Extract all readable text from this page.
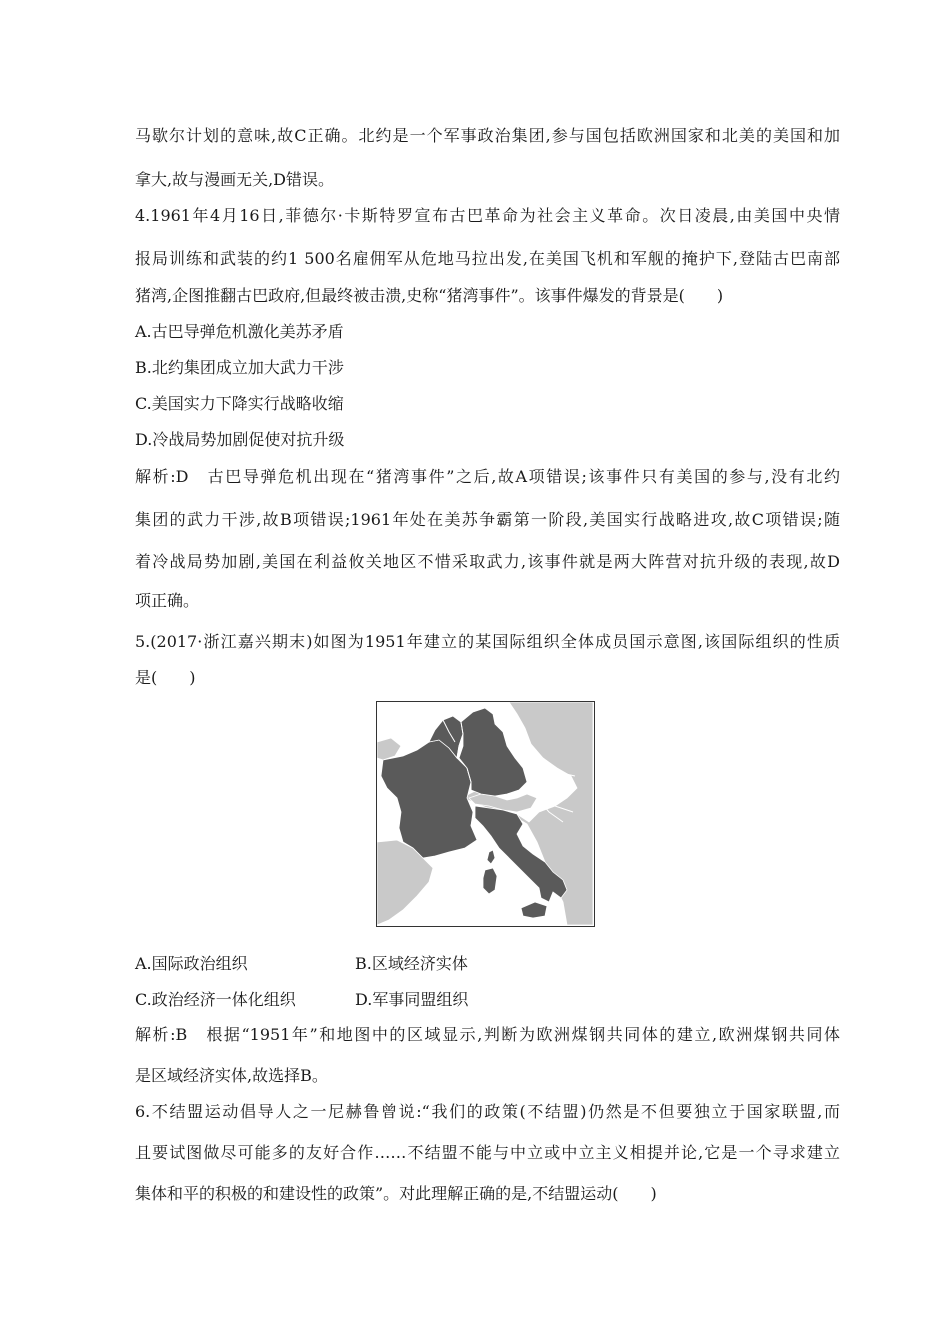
马歇尔计划的意味,故C正确。北约是一个军事政治集团,参与国包括欧洲国家和北美的美国和加
拿大,故与漫画无关,D错误。
4.1961年4月16日,菲德尔·卡斯特罗宣布古巴革命为社会主义革命。次日凌晨,由美国中央情
报局训练和武装的约1 500名雇佣军从危地马拉出发,在美国飞机和军舰的掩护下,登陆古巴南部
猪湾,企图推翻古巴政府,但最终被击溃,史称“猪湾事件”。该事件爆发的背景是(　　)
A.古巴导弹危机激化美苏矛盾
B.北约集团成立加大武力干涉
C.美国实力下降实行战略收缩
D.冷战局势加剧促使对抗升级
解析:D　古巴导弹危机出现在“猪湾事件”之后,故A项错误;该事件只有美国的参与,没有北约
集团的武力干涉,故B项错误;1961年处在美苏争霸第一阶段,美国实行战略进攻,故C项错误;随
着冷战局势加剧,美国在利益攸关地区不惜采取武力,该事件就是两大阵营对抗升级的表现,故D
项正确。
5.(2017·浙江嘉兴期末)如图为1951年建立的某国际组织全体成员国示意图,该国际组织的性质
是(　　)
A.国际政治组织	B.区域经济实体
C.政治经济一体化组织	D.军事同盟组织
解析:B　根据“1951年”和地图中的区域显示,判断为欧洲煤钢共同体的建立,欧洲煤钢共同体
是区域经济实体,故选择B。
6.不结盟运动倡导人之一尼赫鲁曾说:“我们的政策(不结盟)仍然是不但要独立于国家联盟,而
且要试图做尽可能多的友好合作……不结盟不能与中立或中立主义相提并论,它是一个寻求建立
集体和平的积极的和建设性的政策”。对此理解正确的是,不结盟运动(　　)
